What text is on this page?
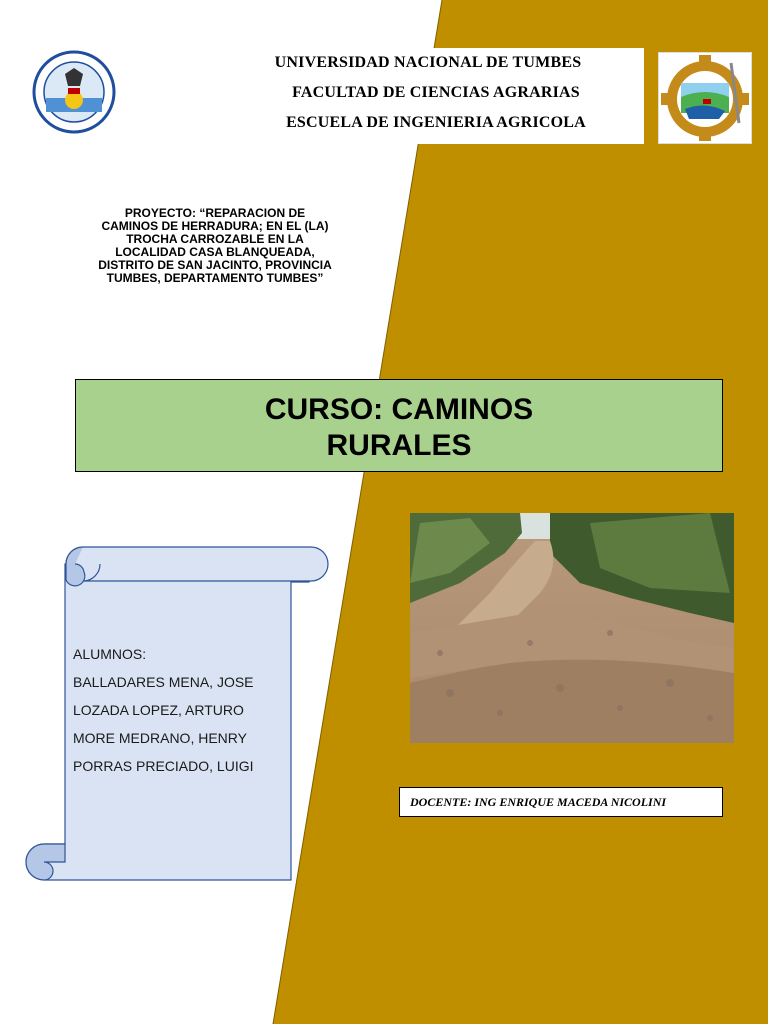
UNIVERSIDAD NACIONAL DE TUMBES
FACULTAD DE CIENCIAS AGRARIAS
ESCUELA DE INGENIERIA AGRICOLA
PROYECTO: “REPARACION DE
CAMINOS DE HERRADURA; EN EL (LA)
TROCHA CARROZABLE EN LA
LOCALIDAD CASA BLANQUEADA,
DISTRITO DE SAN JACINTO, PROVINCIA
TUMBES, DEPARTAMENTO TUMBES”
CURSO: CAMINOS
RURALES
ALUMNOS:
BALLADARES MENA, JOSE
LOZADA LOPEZ, ARTURO
MORE MEDRANO, HENRY
PORRAS PRECIADO, LUIGI
DOCENTE: ING ENRIQUE MACEDA NICOLINI
